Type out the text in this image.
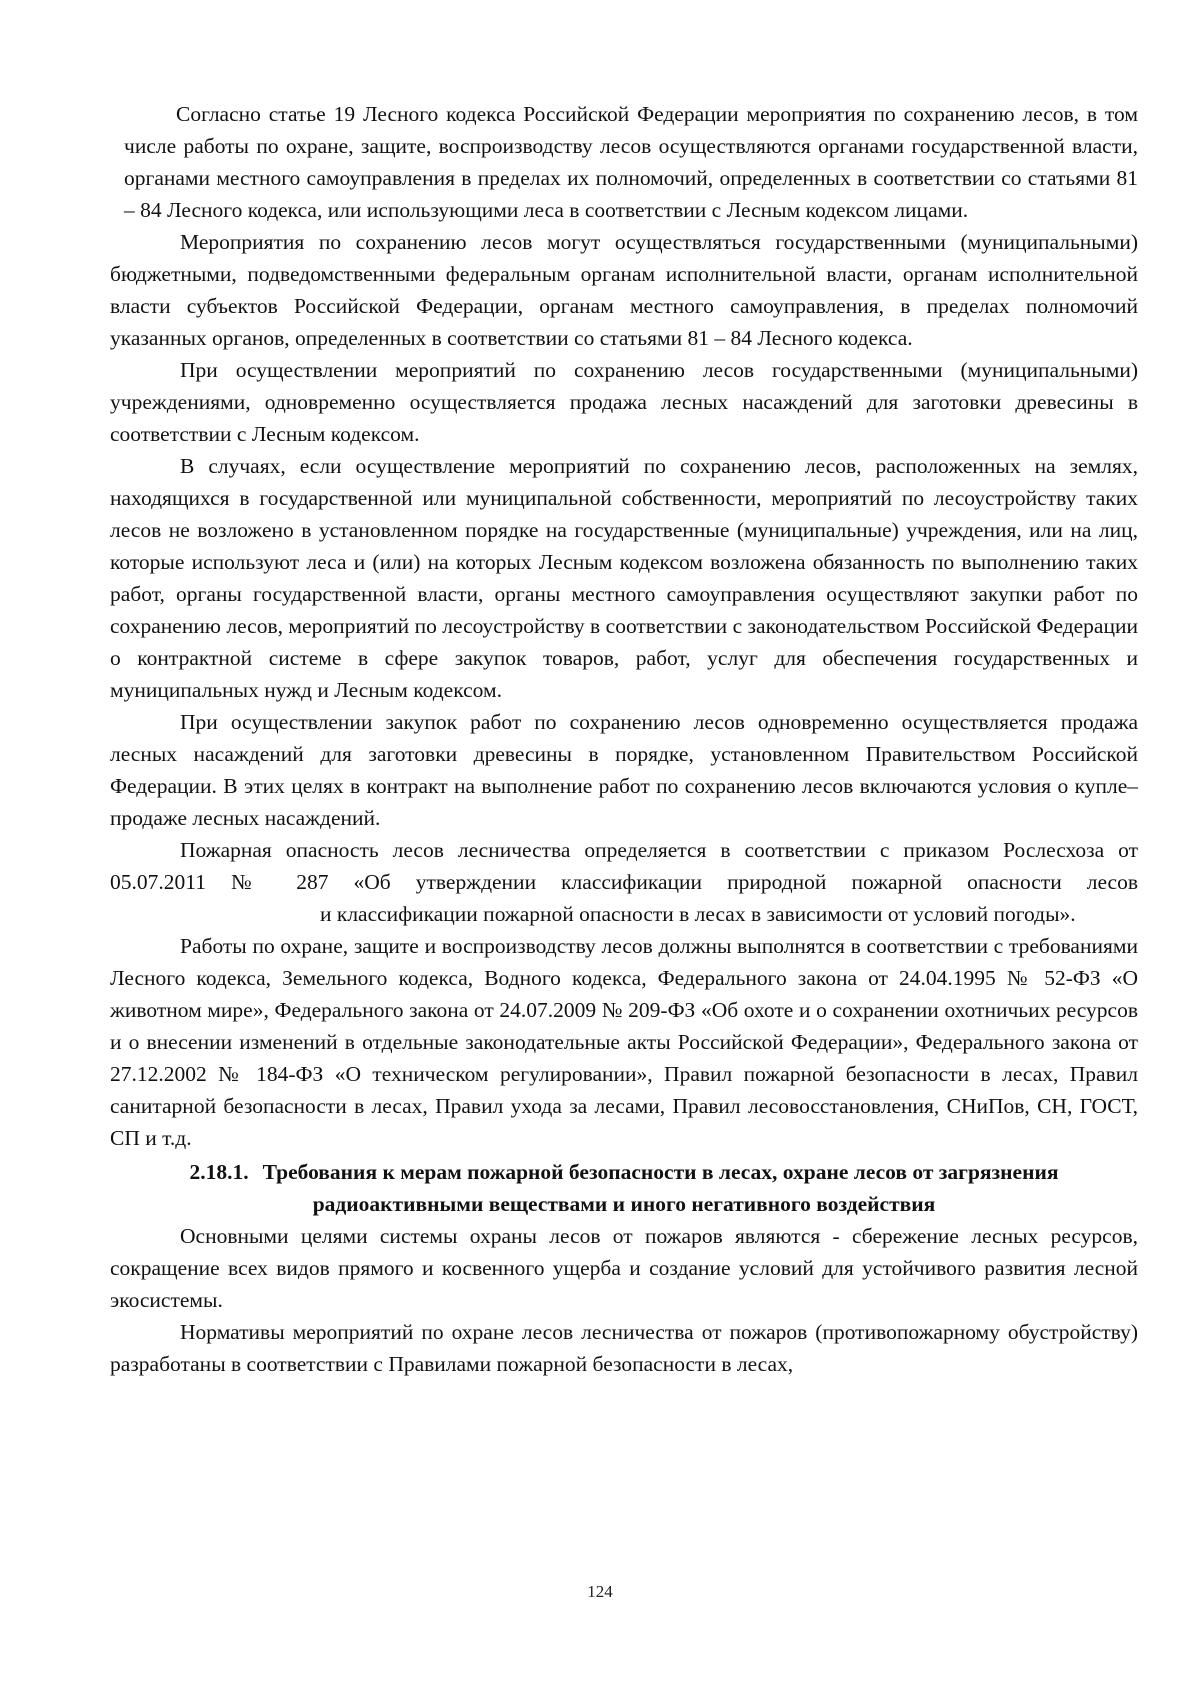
Согласно статье 19 Лесного кодекса Российской Федерации мероприятия по сохранению лесов, в том числе работы по охране, защите, воспроизводству лесов осуществляются органами государственной власти, органами местного самоуправления в пределах их полномочий, определенных в соответствии со статьями 81 – 84 Лесного кодекса, или использующими леса в соответствии с Лесным кодексом лицами.

Мероприятия по сохранению лесов могут осуществляться государственными (муниципальными) бюджетными, подведомственными федеральным органам исполнительной власти, органам исполнительной власти субъектов Российской Федерации, органам местного самоуправления, в пределах полномочий указанных органов, определенных в соответствии со статьями 81 – 84 Лесного кодекса.

При осуществлении мероприятий по сохранению лесов государственными (муниципальными) учреждениями, одновременно осуществляется продажа лесных насаждений для заготовки древесины в соответствии с Лесным кодексом.

В случаях, если осуществление мероприятий по сохранению лесов, расположенных на землях, находящихся в государственной или муниципальной собственности, мероприятий по лесоустройству таких лесов не возложено в установленном порядке на государственные (муниципальные) учреждения, или на лиц, которые используют леса и (или) на которых Лесным кодексом возложена обязанность по выполнению таких работ, органы государственной власти, органы местного самоуправления осуществляют закупки работ по сохранению лесов, мероприятий по лесоустройству в соответствии с законодательством Российской Федерации о контрактной системе в сфере закупок товаров, работ, услуг для обеспечения государственных и муниципальных нужд и Лесным кодексом.

При осуществлении закупок работ по сохранению лесов одновременно осуществляется продажа лесных насаждений для заготовки древесины в порядке, установленном Правительством Российской Федерации. В этих целях в контракт на выполнение работ по сохранению лесов включаются условия о купле–продаже лесных насаждений.

Пожарная опасность лесов лесничества определяется в соответствии с приказом Рослесхоза от 05.07.2011 № 287 «Об утверждении классификации природной пожарной опасности лесови классификации пожарной опасности в лесах в зависимости от условий погоды».

Работы по охране, защите и воспроизводству лесов должны выполнятся в соответствии с требованиями Лесного кодекса, Земельного кодекса, Водного кодекса, Федерального закона от 24.04.1995 № 52-ФЗ «О животном мире», Федерального закона от 24.07.2009 № 209-ФЗ «Об охоте и о сохранении охотничьих ресурсов и о внесении изменений в отдельные законодательные акты Российской Федерации», Федерального закона от 27.12.2002 № 184-ФЗ «О техническом регулировании», Правил пожарной безопасности в лесах, Правил санитарной безопасности в лесах, Правил ухода за лесами, Правил лесовосстановления, СНиПов, СН, ГОСТ, СП и т.д.

2.18.1. Требования к мерам пожарной безопасности в лесах, охране лесов от загрязнения радиоактивными веществами и иного негативного воздействия

Основными целями системы охраны лесов от пожаров являются - сбережение лесных ресурсов, сокращение всех видов прямого и косвенного ущерба и создание условий для устойчивого развития лесной экосистемы.

Нормативы мероприятий по охране лесов лесничества от пожаров (противопожарному обустройству) разработаны в соответствии с Правилами пожарной безопасности в лесах,

124
